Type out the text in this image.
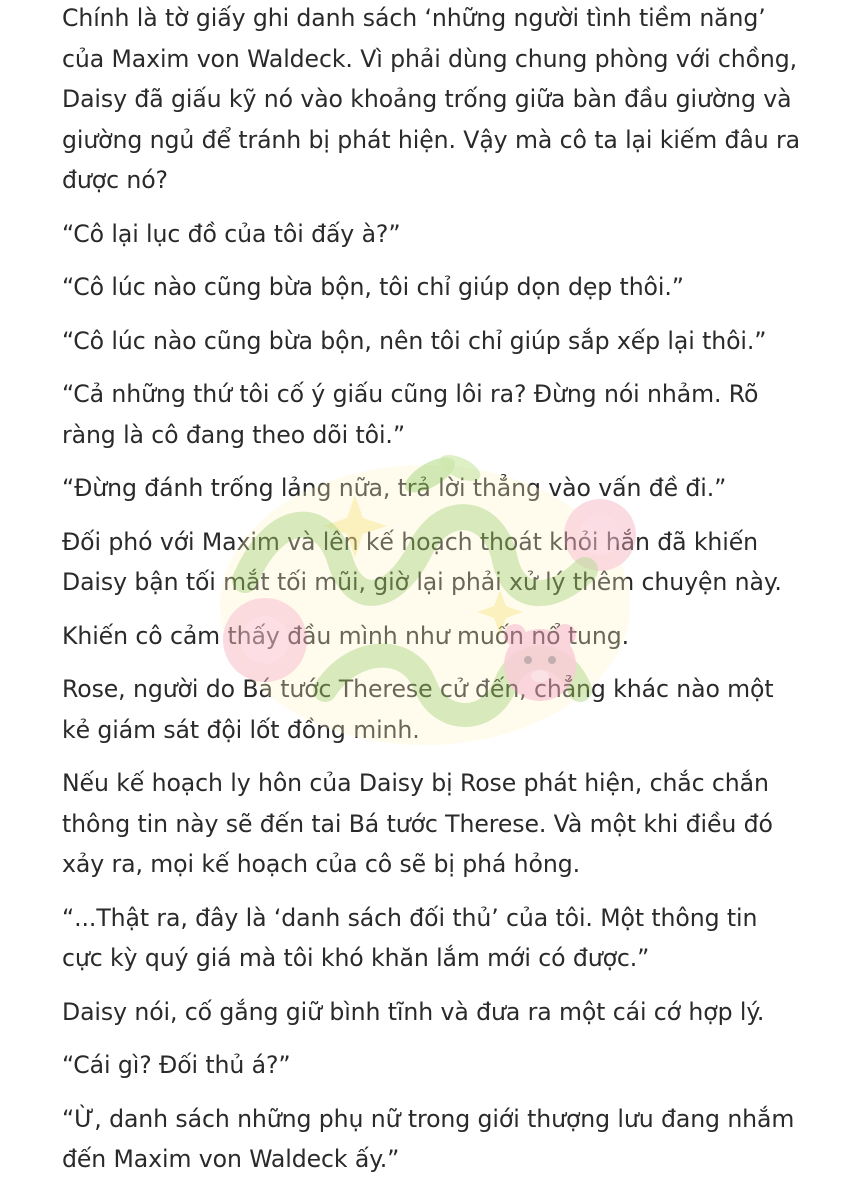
Chính là tờ giấy ghi danh sách ‘những người tình tiềm năng’ của Maxim von Waldeck. Vì phải dùng chung phòng với chồng, Daisy đã giấu kỹ nó vào khoảng trống giữa bàn đầu giường và giường ngủ để tránh bị phát hiện. Vậy mà cô ta lại kiếm đâu ra được nó?

“Cô lại lục đồ của tôi đấy à?”

“Cô lúc nào cũng bừa bộn, tôi chỉ giúp dọn dẹp thôi.”

“Cô lúc nào cũng bừa bộn, nên tôi chỉ giúp sắp xếp lại thôi.”

“Cả những thứ tôi cố ý giấu cũng lôi ra? Đừng nói nhảm. Rõ ràng là cô đang theo dõi tôi.”

“Đừng đánh trống lảng nữa, trả lời thẳng vào vấn đề đi.”

Đối phó với Maxim và lên kế hoạch thoát khỏi hắn đã khiến Daisy bận tối mắt tối mũi, giờ lại phải xử lý thêm chuyện này.

Khiến cô cảm thấy đầu mình như muốn nổ tung.

Rose, người do Bá tước Therese cử đến, chẳng khác nào một kẻ giám sát đội lốt đồng minh.

Nếu kế hoạch ly hôn của Daisy bị Rose phát hiện, chắc chắn thông tin này sẽ đến tai Bá tước Therese. Và một khi điều đó xảy ra, mọi kế hoạch của cô sẽ bị phá hỏng.

“...Thật ra, đây là ‘danh sách đối thủ’ của tôi. Một thông tin cực kỳ quý giá mà tôi khó khăn lắm mới có được.”

Daisy nói, cố gắng giữ bình tĩnh và đưa ra một cái cớ hợp lý.

“Cái gì? Đối thủ á?”

“Ừ, danh sách những phụ nữ trong giới thượng lưu đang nhắm đến Maxim von Waldeck ấy.”
